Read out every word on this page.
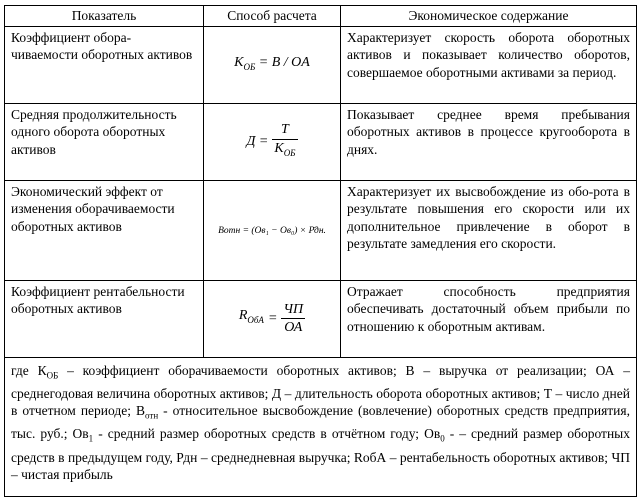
Показатель	Способ расчета	Экономическое содержание
Коэффициент обора-чиваемости оборотных активов	$K_{ОБ} = B$ / OA	Характеризует скорость оборота оборотных активов и показывает количество оборотов, совершаемое оборотными активами за период.
Средняя продолжительность одного оборота оборотных активов	$Д = \frac{T}{K_{ОБ}}$	Показывает среднее время пребывания оборотных активов в процессе кругооборота в днях.
Экономический эффект от изменения оборачиваемости оборотных активов	Вотн = (Ов₁ − Ов₀) × Р̄дн.	Характеризует их высвобождение из обо-рота в результате повышения его скорости или их дополнительное привлечение в оборот в результате замедления его скорости.
Коэффициент рентабельности оборотных активов	$R_{ОбА} = \frac{ЧП}{ОА}$	Отражает способность предприятия обеспечивать достаточный объем прибыли по отношению к оборотным активам.
где $К_{ОБ}$ – коэффициент оборачиваемости оборотных активов; В – выручка от реализации; ОА – среднегодовая величина оборотных активов; Д – длительность оборота оборотных активов; Т – число дней в отчетном периоде; $В_{отн}$ - относительное высвобождение (вовлечение) оборотных средств предприятия, тыс. руб.; $Ов_1$ - средний размер оборотных средств в отчётном году; $Ов_0$ - – средний размер оборотных средств в предыдущем году, Рдн – среднедневная выручка; RобА – рентабельность оборотных активов; ЧП – чистая прибыль		
